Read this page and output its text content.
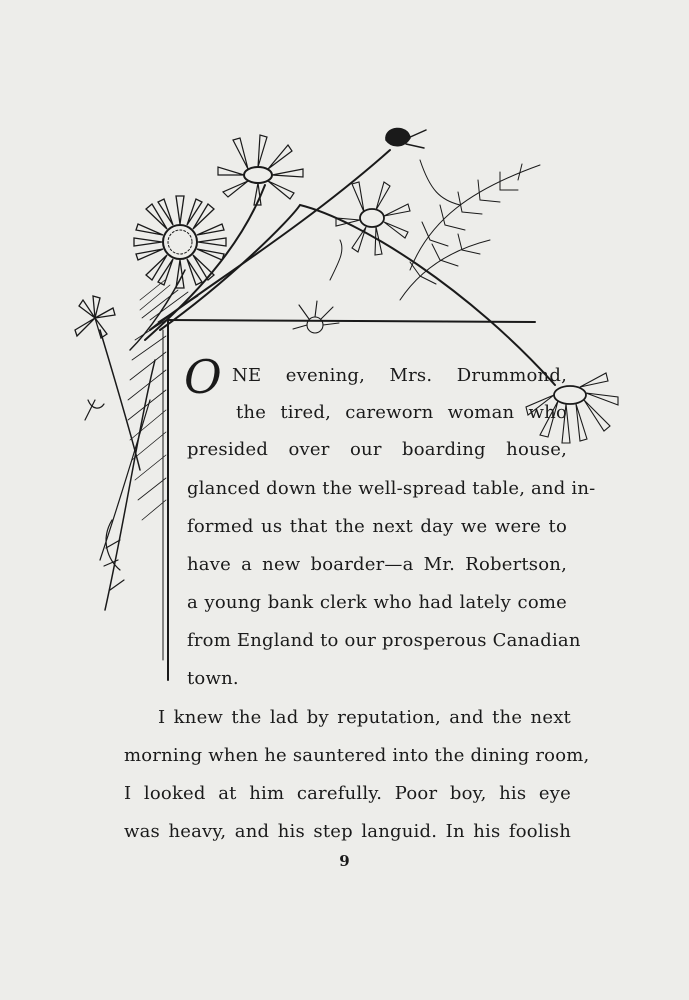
O NE evening, Mrs. Drummond,
the tired, careworn woman who
presided over our boarding house,
glanced down the well-spread table, and in-
formed us that the next day we were to
have a new boarder—a Mr. Robertson,
a young bank clerk who had lately come
from England to our prosperous Canadian
town.
I knew the lad by reputation, and the next
morning when he sauntered into the dining room,
I looked at him carefully. Poor boy, his eye
was heavy, and his step languid. In his foolish
9
